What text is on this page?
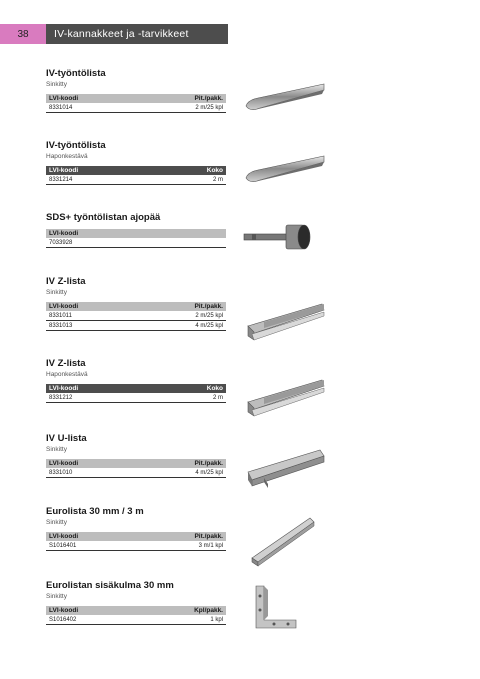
38	IV-kannakkeet ja -tarvikkeet
IV-työntölista
Sinkitty
LVI-koodi	Pit./pakk.
8331014	2 m/25 kpl
IV-työntölista
Haponkestävä
LVI-koodi	Koko
8331214	2 m
SDS+ työntölistan ajopää
LVI-koodi
7033928
IV Z-lista
Sinkitty
LVI-koodi	Pit./pakk.
8331011	2 m/25 kpl
8331013	4 m/25 kpl
IV Z-lista
Haponkestävä
LVI-koodi	Koko
8331212	2 m
IV U-lista
Sinkitty
LVI-koodi	Pit./pakk.
8331010	4 m/25 kpl
Eurolista 30 mm / 3 m
Sinkitty
LVI-koodi	Pit./pakk.
S1016401	3 m/1 kpl
Eurolistan sisäkulma 30 mm
Sinkitty
LVI-koodi	Kpl/pakk.
S1016402	1 kpl
